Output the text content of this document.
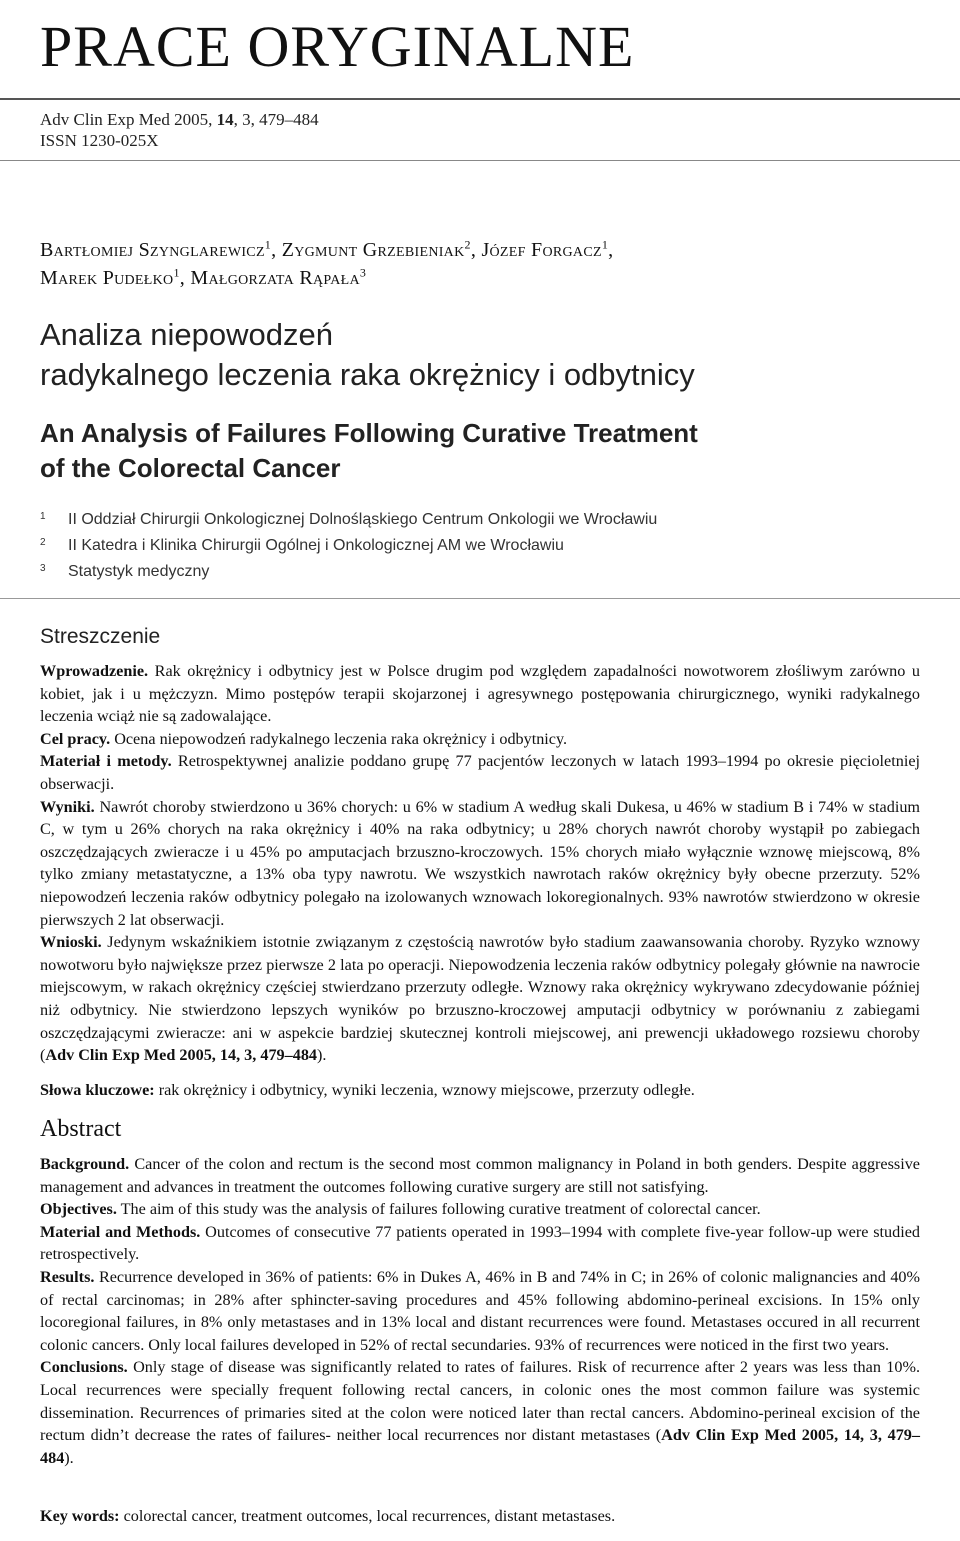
PRACE ORYGINALNE
Adv Clin Exp Med 2005, 14, 3, 479–484
ISSN 1230-025X
Bartłomiej Szynglarewicz$^1$, Zygmunt Grzebieniak$^2$, Józef Forgacz$^1$,
Marek Pudełko$^1$, Małgorzata Rąpała$^3$
Analiza niepowodzeń
radykalnego leczenia raka okrężnicy i odbytnicy
An Analysis of Failures Following Curative Treatment
of the Colorectal Cancer
$^1$ II Oddział Chirurgii Onkologicznej Dolnośląskiego Centrum Onkologii we Wrocławiu
$^2$ II Katedra i Klinika Chirurgii Ogólnej i Onkologicznej AM we Wrocławiu
$^3$ Statystyk medyczny
Streszczenie

Wprowadzenie. Rak okrężnicy i odbytnicy jest w Polsce drugim pod względem zapadalności nowotworem złośliwym zarówno u kobiet, jak i u mężczyzn. Mimo postępów terapii skojarzonej i agresywnego postępowania chirurgicznego, wyniki radykalnego leczenia wciąż nie są zadowalające.

Cel pracy. Ocena niepowodzeń radykalnego leczenia raka okrężnicy i odbytnicy.

Materiał i metody. Retrospektywnej analizie poddano grupę 77 pacjentów leczonych w latach 1993–1994 po okresie pięcioletniej obserwacji.

Wyniki. Nawrót choroby stwierdzono u 36% chorych: u 6% w stadium A według skali Dukesa, u 46% w stadium B i 74% w stadium C, w tym u 26% chorych na raka okrężnicy i 40% na raka odbytnicy; u 28% chorych nawrót choroby wystąpił po zabiegach oszczędzających zwieracze i u 45% po amputacjach brzuszno-kroczowych. 15% chorych miało wyłącznie wznowę miejscową, 8% tylko zmiany metastatyczne, a 13% oba typy nawrotu. We wszystkich nawrotach raków okrężnicy były obecne przerzuty. 52% niepowodzeń leczenia raków odbytnicy polegało na izolowanych wznowach lokoregionalnych. 93% nawrotów stwierdzono w okresie pierwszych 2 lat obserwacji.

Wnioski. Jedynym wskaźnikiem istotnie związanym z częstością nawrotów było stadium zaawansowania choroby. Ryzyko wznowy nowotworu było największe przez pierwsze 2 lata po operacji. Niepowodzenia leczenia raków odbytnicy polegały głównie na nawrocie miejscowym, w rakach okrężnicy częściej stwierdzano przerzuty odległe. Wznowy raka okrężnicy wykrywano zdecydowanie później niż odbytnicy. Nie stwierdzono lepszych wyników po brzuszno-kroczowej amputacji odbytnicy w porównaniu z zabiegami oszczędzającymi zwieracze: ani w aspekcie bardziej skutecznej kontroli miejscowej, ani prewencji układowego rozsiewu choroby (Adv Clin Exp Med 2005, 14, 3, 479–484).

Słowa kluczowe: rak okrężnicy i odbytnicy, wyniki leczenia, wznowy miejscowe, przerzuty odległe.
Abstract

Background. Cancer of the colon and rectum is the second most common malignancy in Poland in both genders. Despite aggressive management and advances in treatment the outcomes following curative surgery are still not satisfying.

Objectives. The aim of this study was the analysis of failures following curative treatment of colorectal cancer.

Material and Methods. Outcomes of consecutive 77 patients operated in 1993–1994 with complete five-year follow-up were studied retrospectively.

Results. Recurrence developed in 36% of patients: 6% in Dukes A, 46% in B and 74% in C; in 26% of colonic malignancies and 40% of rectal carcinomas; in 28% after sphincter-saving procedures and 45% following abdomino-perineal excisions. In 15% only locoregional failures, in 8% only metastases and in 13% local and distant recurrences were found. Metastases occured in all recurrent colonic cancers. Only local failures developed in 52% of rectal secundaries. 93% of recurrences were noticed in the first two years.

Conclusions. Only stage of disease was significantly related to rates of failures. Risk of recurrence after 2 years was less than 10%. Local recurrences were specially frequent following rectal cancers, in colonic ones the most common failure was systemic dissemination. Recurrences of primaries sited at the colon were noticed later than rectal cancers. Abdomino-perineal excision of the rectum didn’t decrease the rates of failures- neither local recurrences nor distant metastases (Adv Clin Exp Med 2005, 14, 3, 479–484).

Key words: colorectal cancer, treatment outcomes, local recurrences, distant metastases.
